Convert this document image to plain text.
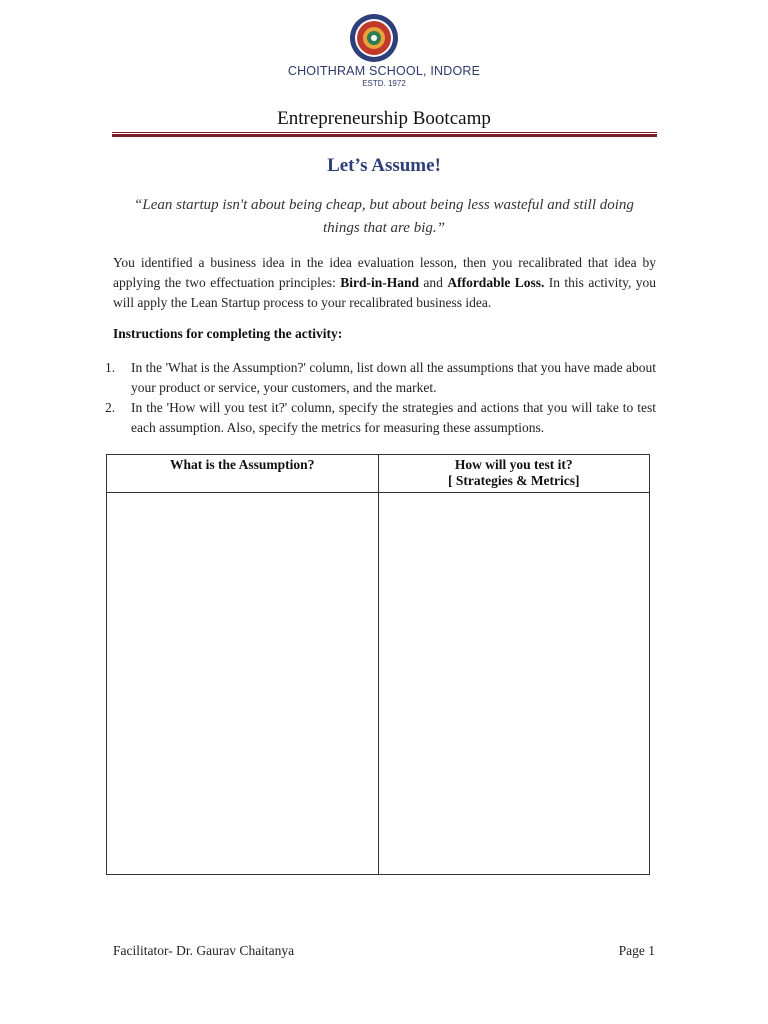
CHOITHRAM SCHOOL, INDORE
ESTD. 1972
Entrepreneurship Bootcamp
Let’s Assume!
“Lean startup isn't about being cheap, but about being less wasteful and still doing things that are big.”

You identified a business idea in the idea evaluation lesson, then you recalibrated that idea by applying the two effectuation principles: Bird-in-Hand and Affordable Loss. In this activity, you will apply the Lean Startup process to your recalibrated business idea.

Instructions for completing the activity:
1. In the 'What is the Assumption?' column, list down all the assumptions that you have made about your product or service, your customers, and the market.
2. In the 'How will you test it?' column, specify the strategies and actions that you will take to test each assumption. Also, specify the metrics for measuring these assumptions.
What is the Assumption?	How will you test it?
[ Strategies & Metrics]

Facilitator- Dr. Gaurav Chaitanya	Page 1
